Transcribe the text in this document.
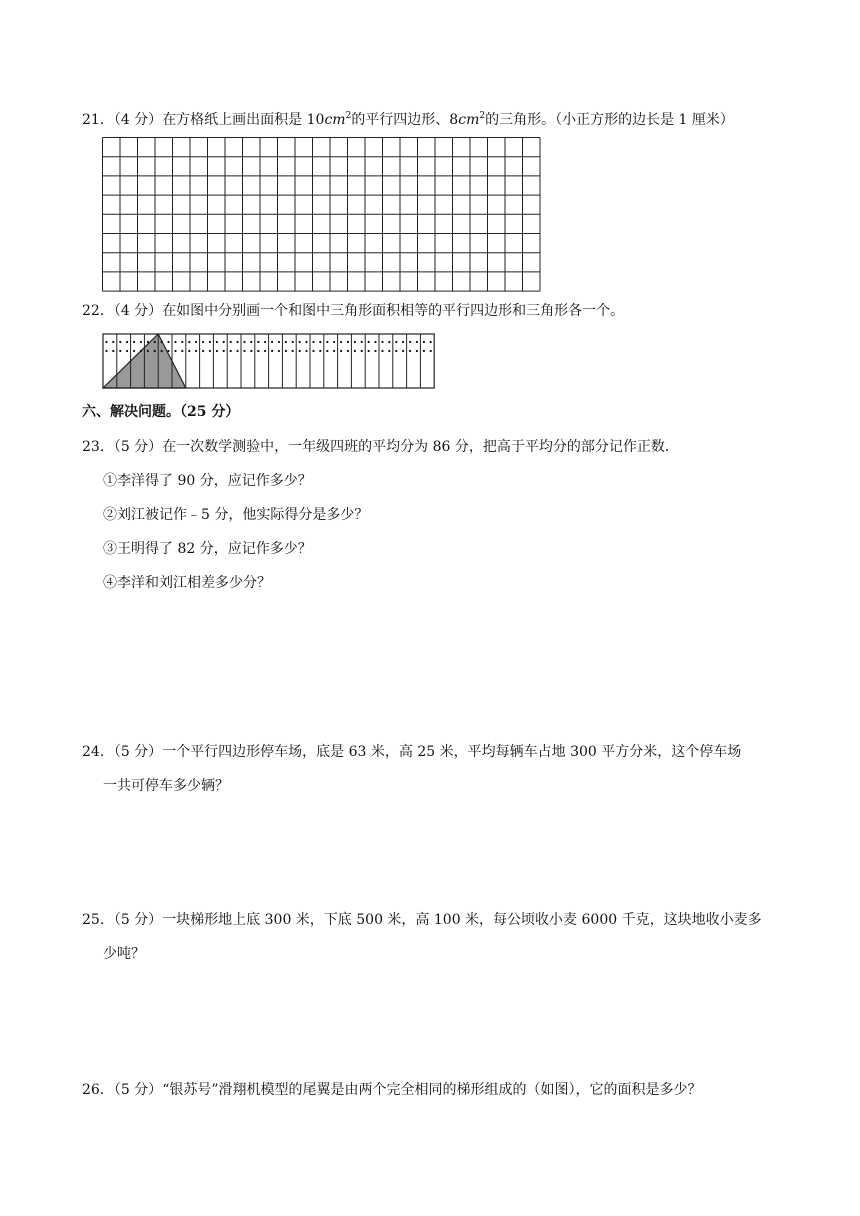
21．（4 分）在方格纸上画出面积是 $10cm^2$的平行四边形、$8cm^2$的三角形。（小正方形的边长是 1 厘米）
22．（4 分）在如图中分别画一个和图中三角形面积相等的平行四边形和三角形各一个。
六、解决问题。（25 分）
23．（5 分）在一次数学测验中，一年级四班的平均分为 86 分，把高于平均分的部分记作正数．
①李洋得了 90 分，应记作多少？
②刘江被记作﹣5 分，他实际得分是多少？
③王明得了 82 分，应记作多少？
④李洋和刘江相差多少分？
24．（5 分）一个平行四边形停车场，底是 63 米，高 25 米，平均每辆车占地 300 平方分米，这个停车场
一共可停车多少辆？
25．（5 分）一块梯形地上底 300 米，下底 500 米，高 100 米，每公顷收小麦 6000 千克，这块地收小麦多
少吨？
26．（5 分）“银苏号”滑翔机模型的尾翼是由两个完全相同的梯形组成的（如图），它的面积是多少？
